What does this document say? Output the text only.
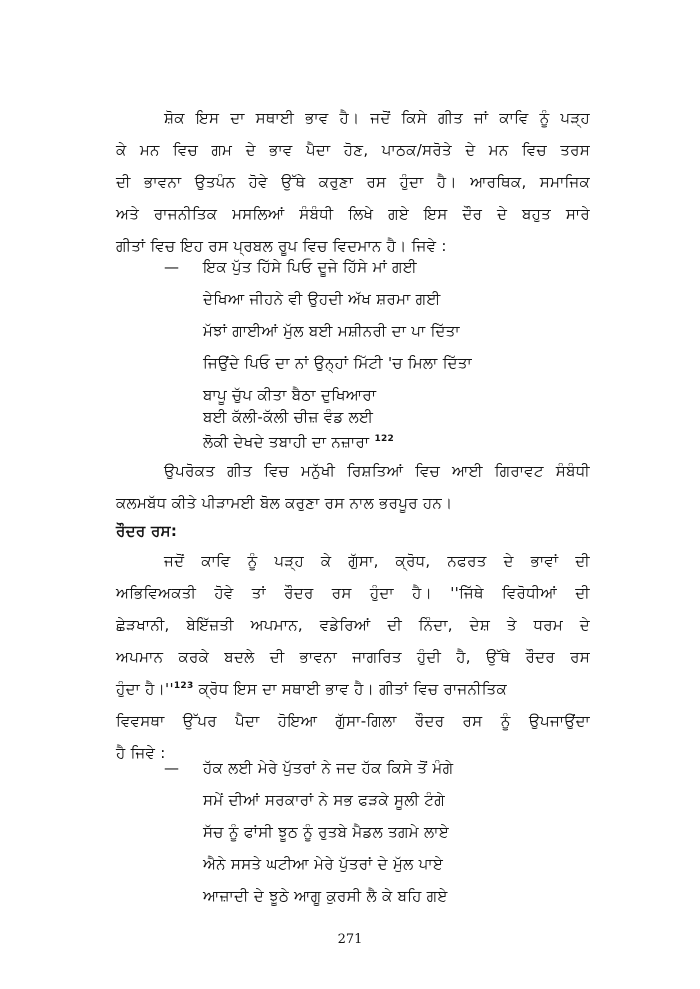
ਸ਼ੋਕ ਇਸ ਦਾ ਸਥਾਈ ਭਾਵ ਹੈ। ਜਦੋਂ ਕਿਸੇ ਗੀਤ ਜਾਂ ਕਾਵਿ ਨੂੰ ਪੜ੍ਹ
ਕੇ ਮਨ ਵਿਚ ਗਮ ਦੇ ਭਾਵ ਪੈਦਾ ਹੋਣ, ਪਾਠਕ/ਸਰੋਤੇ ਦੇ ਮਨ ਵਿਚ ਤਰਸ
ਦੀ ਭਾਵਨਾ ਉਤਪੰਨ ਹੋਵੇ ਉੱਥੇ ਕਰੁਣਾ ਰਸ ਹੁੰਦਾ ਹੈ। ਆਰਥਿਕ, ਸਮਾਜਿਕ
ਅਤੇ ਰਾਜਨੀਤਿਕ ਮਸਲਿਆਂ ਸੰਬੰਧੀ ਲਿਖੇ ਗਏ ਇਸ ਦੌਰ ਦੇ ਬਹੁਤ ਸਾਰੇ
ਗੀਤਾਂ ਵਿਚ ਇਹ ਰਸ ਪ੍ਰਬਲ ਰੂਪ ਵਿਚ ਵਿਦਮਾਨ ਹੈ। ਜਿਵੇ :
— ਇਕ ਪੁੱਤ ਹਿੱਸੇ ਪਿਓ ਦੂਜੇ ਹਿੱਸੇ ਮਾਂ ਗਈ
ਦੇਖਿਆ ਜੀਹਨੇ ਵੀ ਉਹਦੀ ਅੱਖ ਸ਼ਰਮਾ ਗਈ
ਮੱਝਾਂ ਗਾਈਆਂ ਮੁੱਲ ਬਈ ਮਸ਼ੀਨਰੀ ਦਾ ਪਾ ਦਿੱਤਾ
ਜਿਉਂਦੇ ਪਿਓ ਦਾ ਨਾਂ ਉਨ੍ਹਾਂ ਮਿੱਟੀ 'ਚ ਮਿਲਾ ਦਿੱਤਾ
ਬਾਪੂ ਚੁੱਪ ਕੀਤਾ ਬੈਠਾ ਦੁਖਿਆਰਾ
ਬਈ ਕੱਲੀ-ਕੱਲੀ ਚੀਜ਼ ਵੰਡ ਲਈ
ਲੋਕੀ ਦੇਖਦੇ ਤਬਾਹੀ ਦਾ ਨਜ਼ਾਰਾ $^{122}$
ਉਪਰੋਕਤ ਗੀਤ ਵਿਚ ਮਨੁੱਖੀ ਰਿਸ਼ਤਿਆਂ ਵਿਚ ਆਈ ਗਿਰਾਵਟ ਸੰਬੰਧੀ
ਕਲਮਬੱਧ ਕੀਤੇ ਪੀੜਾਮਈ ਬੋਲ ਕਰੁਣਾ ਰਸ ਨਾਲ ਭਰਪੂਰ ਹਨ।
ਰੌਦਰ ਰਸ:
ਜਦੋਂ ਕਾਵਿ ਨੂੰ ਪੜ੍ਹ ਕੇ ਗੁੱਸਾ, ਕ੍ਰੋਧ, ਨਫਰਤ ਦੇ ਭਾਵਾਂ ਦੀ
ਅਭਿਵਿਅਕਤੀ ਹੋਵੇ ਤਾਂ ਰੌਦਰ ਰਸ ਹੁੰਦਾ ਹੈ। ''ਜਿੱਥੇ ਵਿਰੋਧੀਆਂ ਦੀ
ਛੇੜਖਾਨੀ, ਬੇਇੱਜ਼ਤੀ ਅਪਮਾਨ, ਵਡੇਰਿਆਂ ਦੀ ਨਿੰਦਾ, ਦੇਸ਼ ਤੇ ਧਰਮ ਦੇ
ਅਪਮਾਨ ਕਰਕੇ ਬਦਲੇ ਦੀ ਭਾਵਨਾ ਜਾਗਰਿਤ ਹੁੰਦੀ ਹੈ, ਉੱਥੇ ਰੌਦਰ ਰਸ
ਹੁੰਦਾ $ਹੈ।''^{123}$ ਕ੍ਰੋਧ ਇਸ ਦਾ ਸਥਾਈ ਭਾਵ ਹੈ। ਗੀਤਾਂ ਵਿਚ ਰਾਜਨੀਤਿਕ
ਵਿਵਸਥਾ ਉੱਪਰ ਪੈਦਾ ਹੋਇਆ ਗੁੱਸਾ-ਗਿਲਾ ਰੌਦਰ ਰਸ ਨੂੰ ਉਪਜਾਉਂਦਾ
ਹੈ ਜਿਵੇ :
— ਹੱਕ ਲਈ ਮੇਰੇ ਪੁੱਤਰਾਂ ਨੇ ਜਦ ਹੱਕ ਕਿਸੇ ਤੋਂ ਮੰਗੇ
ਸਮੇਂ ਦੀਆਂ ਸਰਕਾਰਾਂ ਨੇ ਸਭ ਫੜਕੇ ਸੂਲੀ ਟੰਗੇ
ਸੱਚ ਨੂੰ ਫਾਂਸੀ ਝੂਠ ਨੂੰ ਰੁਤਬੇ ਮੈਡਲ ਤਗਮੇ ਲਾਏ
ਐਨੇ ਸਸਤੇ ਘਟੀਆ ਮੇਰੇ ਪੁੱਤਰਾਂ ਦੇ ਮੁੱਲ ਪਾਏ
ਆਜ਼ਾਦੀ ਦੇ ਝੂਠੇ ਆਗੂ ਕੁਰਸੀ ਲੈ ਕੇ ਬਹਿ ਗਏ
271
